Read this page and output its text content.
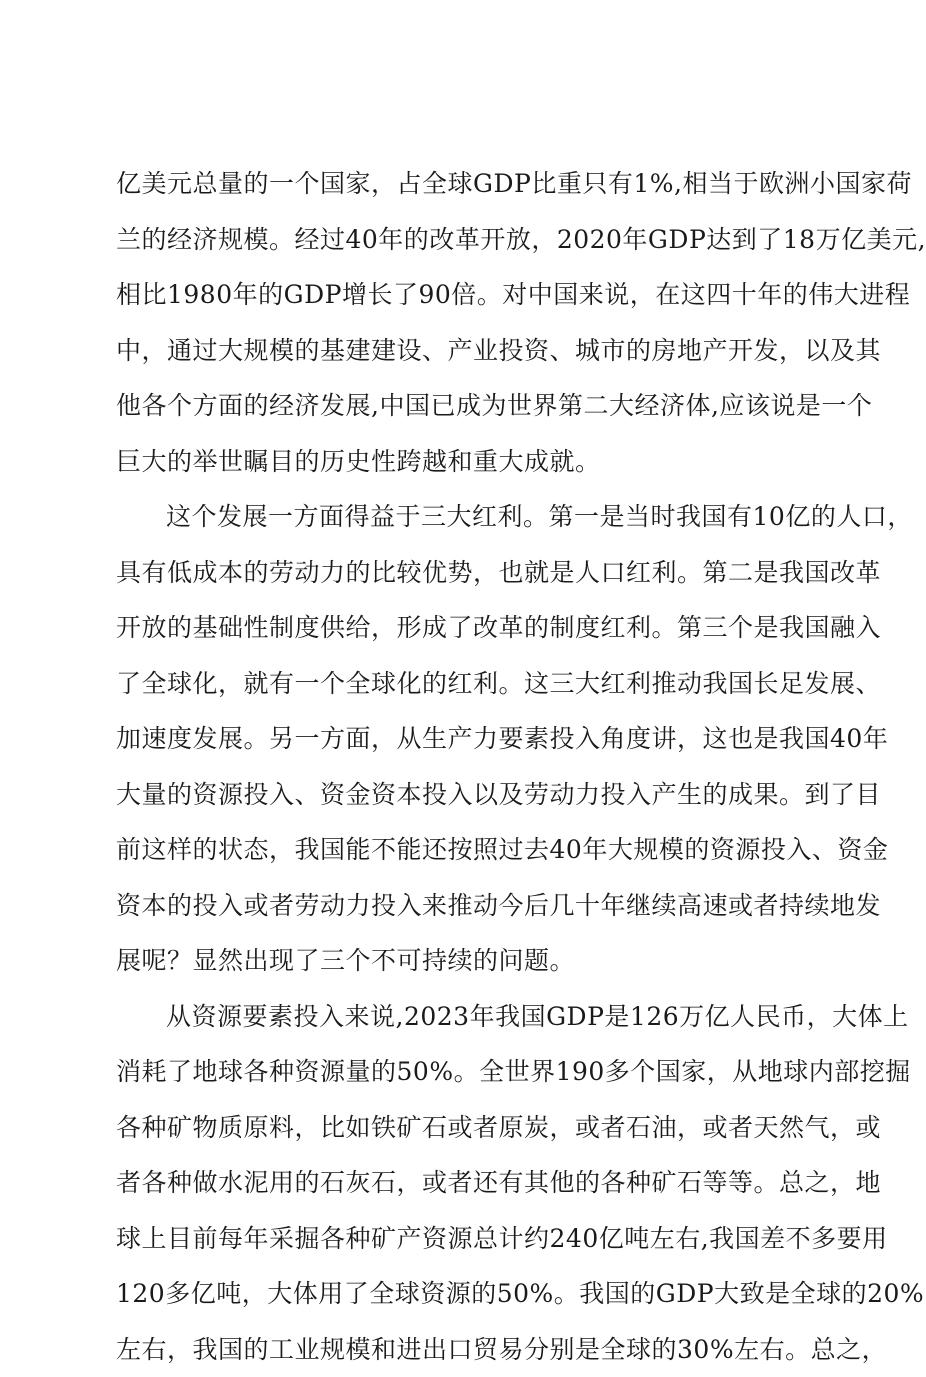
亿美元总量的一个国家，占全球GDP比重只有1%,相当于欧洲小国家荷
兰的经济规模。经过40年的改革开放，2020年GDP达到了18万亿美元,
相比1980年的GDP增长了90倍。对中国来说，在这四十年的伟大进程
中，通过大规模的基建建设、产业投资、城市的房地产开发，以及其
他各个方面的经济发展,中国已成为世界第二大经济体,应该说是一个
巨大的举世瞩目的历史性跨越和重大成就。
这个发展一方面得益于三大红利。第一是当时我国有10亿的人口，
具有低成本的劳动力的比较优势，也就是人口红利。第二是我国改革
开放的基础性制度供给，形成了改革的制度红利。第三个是我国融入
了全球化，就有一个全球化的红利。这三大红利推动我国长足发展、
加速度发展。另一方面，从生产力要素投入角度讲，这也是我国40年
大量的资源投入、资金资本投入以及劳动力投入产生的成果。到了目
前这样的状态，我国能不能还按照过去40年大规模的资源投入、资金
资本的投入或者劳动力投入来推动今后几十年继续高速或者持续地发
展呢？显然出现了三个不可持续的问题。
从资源要素投入来说,2023年我国GDP是126万亿人民币，大体上
消耗了地球各种资源量的50%。全世界190多个国家，从地球内部挖掘
各种矿物质原料，比如铁矿石或者原炭，或者石油，或者天然气，或
者各种做水泥用的石灰石，或者还有其他的各种矿石等等。总之，地
球上目前每年采掘各种矿产资源总计约240亿吨左右,我国差不多要用
120多亿吨，大体用了全球资源的50%。我国的GDP大致是全球的20%
左右，我国的工业规模和进出口贸易分别是全球的30%左右。总之，
